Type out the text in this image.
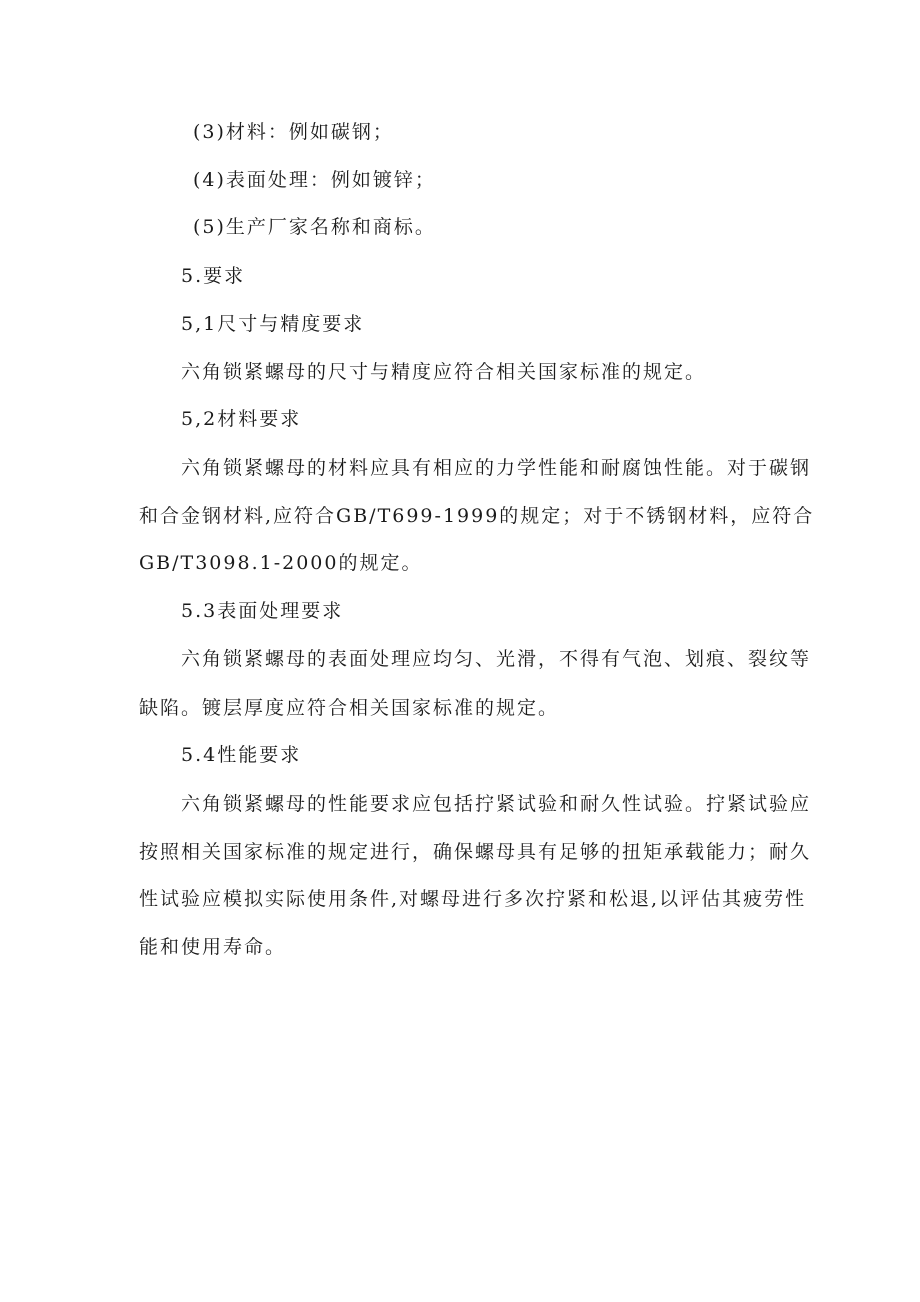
(3)材料：例如碳钢；
(4)表面处理：例如镀锌；
(5)生产厂家名称和商标。
5.要求
5,1尺寸与精度要求
六角锁紧螺母的尺寸与精度应符合相关国家标准的规定。
5,2材料要求
六角锁紧螺母的材料应具有相应的力学性能和耐腐蚀性能。对于碳钢
和合金钢材料,应符合GB/T699-1999的规定；对于不锈钢材料，应符合
GB/T3098.1-2000的规定。
5.3表面处理要求
六角锁紧螺母的表面处理应均匀、光滑，不得有气泡、划痕、裂纹等
缺陷。镀层厚度应符合相关国家标准的规定。
5.4性能要求
六角锁紧螺母的性能要求应包括拧紧试验和耐久性试验。拧紧试验应
按照相关国家标准的规定进行，确保螺母具有足够的扭矩承载能力；耐久
性试验应模拟实际使用条件,对螺母进行多次拧紧和松退,以评估其疲劳性
能和使用寿命。
